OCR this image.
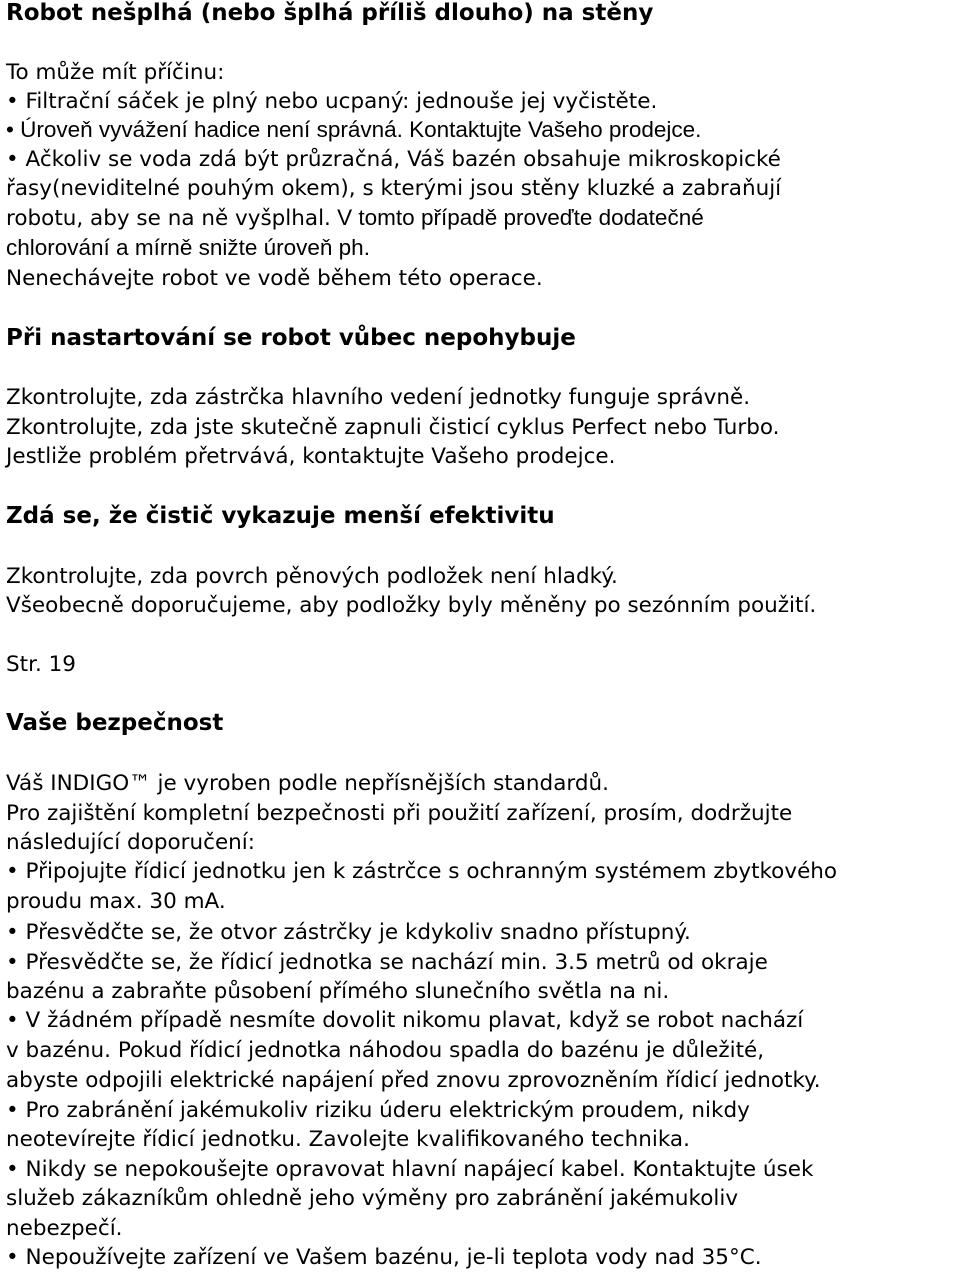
Robot nešplhá (nebo šplhá příliš dlouho) na stěny
To může mít příčinu:
• Filtrační sáček je plný nebo ucpaný: jednouše jej vyčistěte.
• Úroveň vyvážení hadice není správná. Kontaktujte Vašeho prodejce.
• Ačkoliv se voda zdá být průzračná, Váš bazén obsahuje mikroskopické
řasy(neviditelné pouhým okem), s kterými jsou stěny kluzké a zabraňují
robotu, aby se na ně vyšplhal. V tomto případě proveďte dodatečné
chlorování a mírně snižte úroveň ph.
Nenechávejte robot ve vodě během této operace.
Při nastartování se robot vůbec nepohybuje
Zkontrolujte, zda zástrčka hlavního vedení jednotky funguje správně.
Zkontrolujte, zda jste skutečně zapnuli čisticí cyklus Perfect nebo Turbo.
Jestliže problém přetrvává, kontaktujte Vašeho prodejce.
Zdá se, že čistič vykazuje menší efektivitu
Zkontrolujte, zda povrch pěnových podložek není hladký.
Všeobecně doporučujeme, aby podložky byly měněny po sezónním použití.
Str. 19
Vaše bezpečnost
Váš INDIGO™ je vyroben podle nepřísnějších standardů.
Pro zajištění kompletní bezpečnosti při použití zařízení, prosím, dodržujte
následující doporučení:
• Připojujte řídicí jednotku jen k zástrčce s ochranným systémem zbytkového
proudu max. 30 mA.
• Přesvědčte se, že otvor zástrčky je kdykoliv snadno přístupný.
• Přesvědčte se, že řídicí jednotka se nachází min. 3.5 metrů od okraje
bazénu a zabraňte působení přímého slunečního světla na ni.
• V žádném případě nesmíte dovolit nikomu plavat, když se robot nachází
v bazénu. Pokud řídicí jednotka náhodou spadla do bazénu je důležité,
abyste odpojili elektrické napájení před znovu zprovozněním řídicí jednotky.
• Pro zabránění jakémukoliv riziku úderu elektrickým proudem, nikdy
neotevírejte řídicí jednotku. Zavolejte kvalifikovaného technika.
• Nikdy se nepokoušejte opravovat hlavní napájecí kabel. Kontaktujte úsek
služeb zákazníkům ohledně jeho výměny pro zabránění jakémukoliv
nebezpečí.
• Nepoužívejte zařízení ve Vašem bazénu, je-li teplota vody nad 35°C.
